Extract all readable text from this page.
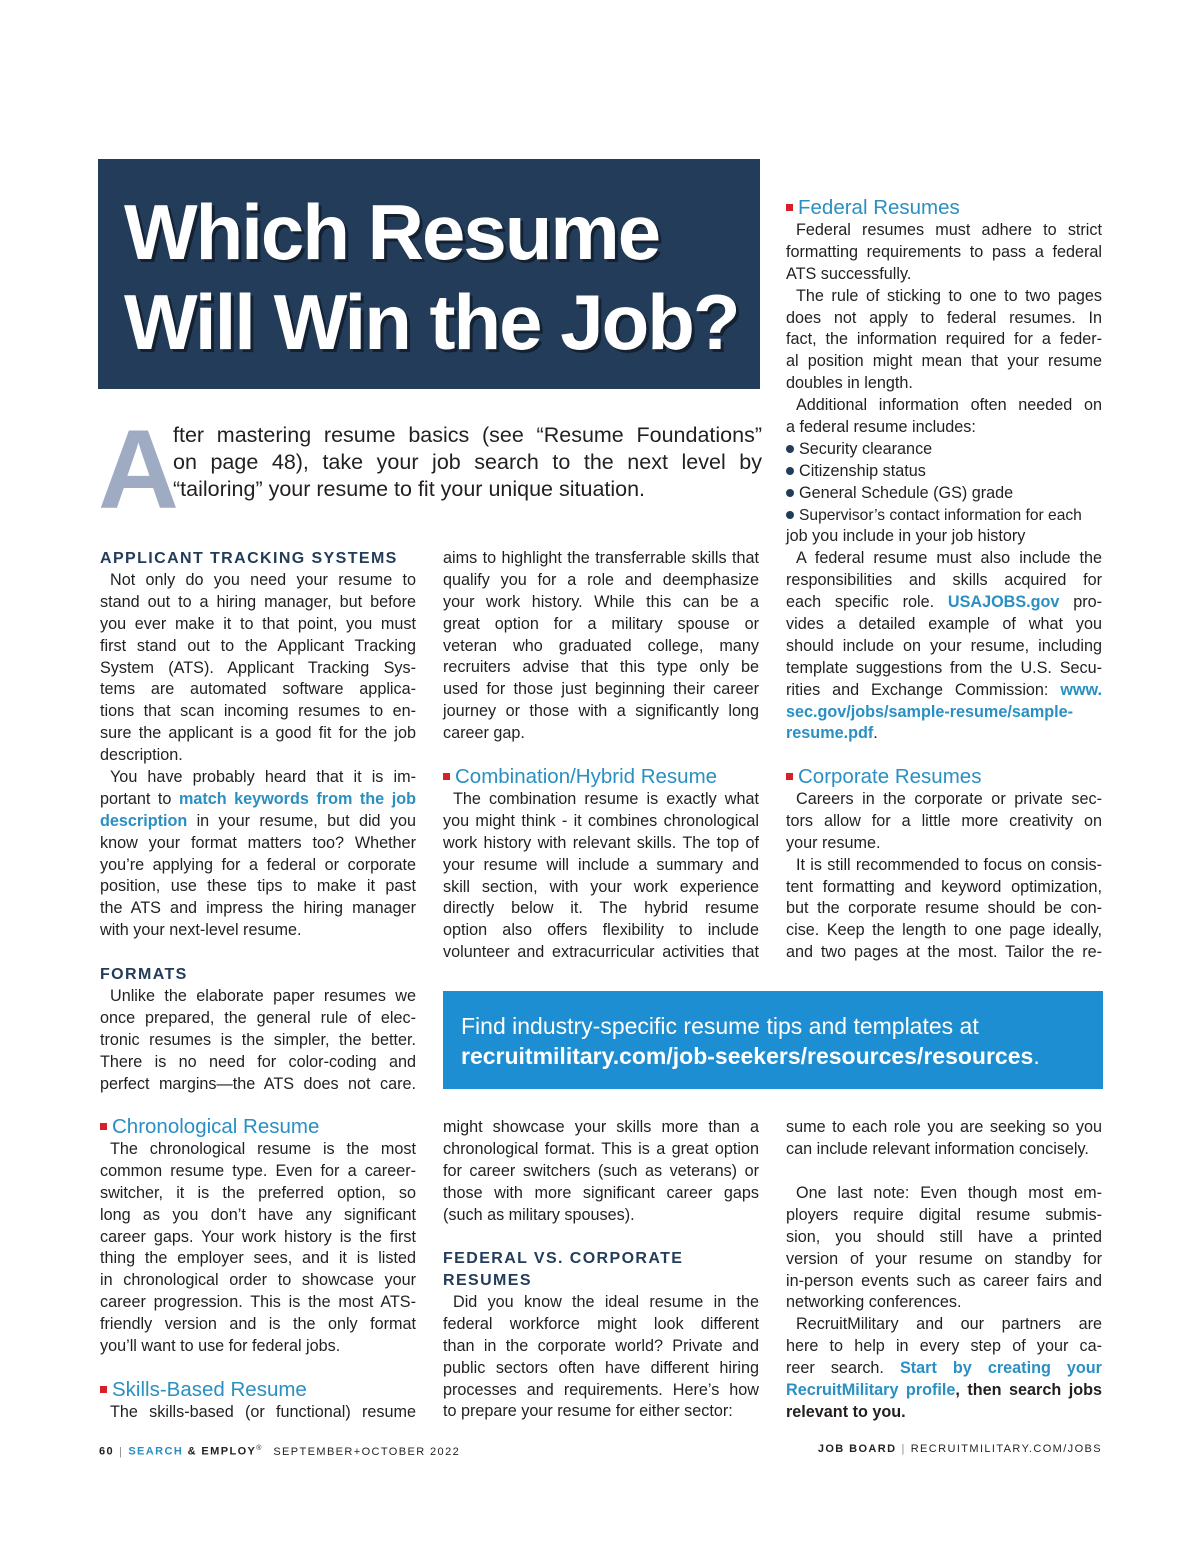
Which Resume
Will Win the Job?
A
fter mastering resume basics (see “Resume Foundations”
on page 48), take your job search to the next level by
“tailoring” your resume to fit your unique situation.
APPLICANT TRACKING SYSTEMS
Not only do you need your resume to
stand out to a hiring manager, but before
you ever make it to that point, you must
first stand out to the Applicant Tracking
System (ATS). Applicant Tracking Sys-
tems are automated software applica-
tions that scan incoming resumes to en-
sure the applicant is a good fit for the job
description.
You have probably heard that it is im-
portant to match keywords from the job
description in your resume, but did you
know your format matters too? Whether
you’re applying for a federal or corporate
position, use these tips to make it past
the ATS and impress the hiring manager
with your next-level resume.
FORMATS
Unlike the elaborate paper resumes we
once prepared, the general rule of elec-
tronic resumes is the simpler, the better.
There is no need for color-coding and
perfect margins—the ATS does not care.
Chronological Resume
The chronological resume is the most
common resume type. Even for a career-
switcher, it is the preferred option, so
long as you don’t have any significant
career gaps. Your work history is the first
thing the employer sees, and it is listed
in chronological order to showcase your
career progression. This is the most ATS-
friendly version and is the only format
you’ll want to use for federal jobs.
Skills-Based Resume
The skills-based (or functional) resume
aims to highlight the transferrable skills that
qualify you for a role and deemphasize
your work history. While this can be a
great option for a military spouse or
veteran who graduated college, many
recruiters advise that this type only be
used for those just beginning their career
journey or those with a significantly long
career gap.
Combination/Hybrid Resume
The combination resume is exactly what
you might think - it combines chronological
work history with relevant skills. The top of
your resume will include a summary and
skill section, with your work experience
directly below it. The hybrid resume
option also offers flexibility to include
volunteer and extracurricular activities that
might showcase your skills more than a
chronological format. This is a great option
for career switchers (such as veterans) or
those with more significant career gaps
(such as military spouses).
FEDERAL VS. CORPORATE
RESUMES
Did you know the ideal resume in the
federal workforce might look different
than in the corporate world? Private and
public sectors often have different hiring
processes and requirements. Here’s how
to prepare your resume for either sector:
Federal Resumes
Federal resumes must adhere to strict
formatting requirements to pass a federal
ATS successfully.
The rule of sticking to one to two pages
does not apply to federal resumes. In
fact, the information required for a feder-
al position might mean that your resume
doubles in length.
Additional information often needed on
a federal resume includes:
Security clearance
Citizenship status
General Schedule (GS) grade
Supervisor’s contact information for each
job you include in your job history
A federal resume must also include the
responsibilities and skills acquired for
each specific role. USAJOBS.gov pro-
vides a detailed example of what you
should include on your resume, including
template suggestions from the U.S. Secu-
rities and Exchange Commission: www.
sec.gov/jobs/sample-resume/sample-
resume.pdf.
Corporate Resumes
Careers in the corporate or private sec-
tors allow for a little more creativity on
your resume.
It is still recommended to focus on consis-
tent formatting and keyword optimization,
but the corporate resume should be con-
cise. Keep the length to one page ideally,
and two pages at the most. Tailor the re-
sume to each role you are seeking so you
can include relevant information concisely.
One last note: Even though most em-
ployers require digital resume submis-
sion, you should still have a printed
version of your resume on standby for
in-person events such as career fairs and
networking conferences.
RecruitMilitary and our partners are
here to help in every step of your ca-
reer search. Start by creating your
RecruitMilitary profile, then search jobs
relevant to you.
Find industry-specific resume tips and templates at
recruitmilitary.com/job-seekers/resources/resources.
60 | SEARCH & EMPLOY® SEPTEMBER+OCTOBER 2022	JOB BOARD | RECRUITMILITARY.COM/JOBS
